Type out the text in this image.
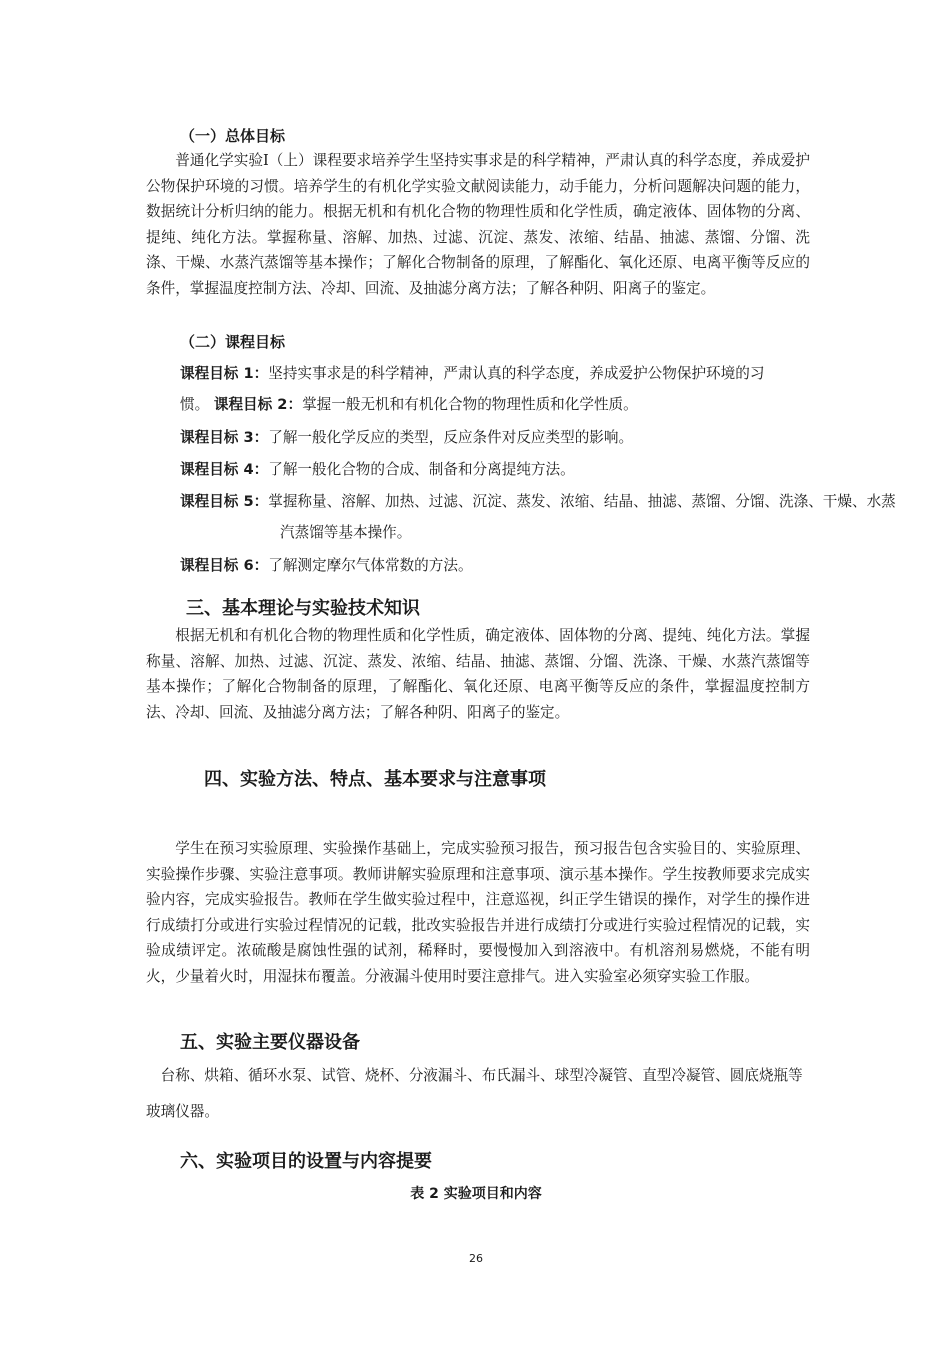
（一）总体目标

普通化学实验Ⅰ（上）课程要求培养学生坚持实事求是的科学精神，严肃认真的科学态度，养成爱护公物保护环境的习惯。培养学生的有机化学实验文献阅读能力，动手能力，分析问题解决问题的能力，数据统计分析归纳的能力。根据无机和有机化合物的物理性质和化学性质，确定液体、固体物的分离、提纯、纯化方法。掌握称量、溶解、加热、过滤、沉淀、蒸发、浓缩、结晶、抽滤、蒸馏、分馏、洗涤、干燥、水蒸汽蒸馏等基本操作；了解化合物制备的原理，了解酯化、氧化还原、电离平衡等反应的条件，掌握温度控制方法、冷却、回流、及抽滤分离方法；了解各种阴、阳离子的鉴定。

（二）课程目标

课程目标 1：坚持实事求是的科学精神，严肃认真的科学态度，养成爱护公物保护环境的习惯。 课程目标 2：掌握一般无机和有机化合物的物理性质和化学性质。

课程目标 3：了解一般化学反应的类型，反应条件对反应类型的影响。

课程目标 4：了解一般化合物的合成、制备和分离提纯方法。

课程目标 5：掌握称量、溶解、加热、过滤、沉淀、蒸发、浓缩、结晶、抽滤、蒸馏、分馏、洗涤、干燥、水蒸汽蒸馏等基本操作。

课程目标 6：了解测定摩尔气体常数的方法。

三、基本理论与实验技术知识

根据无机和有机化合物的物理性质和化学性质，确定液体、固体物的分离、提纯、纯化方法。掌握称量、溶解、加热、过滤、沉淀、蒸发、浓缩、结晶、抽滤、蒸馏、分馏、洗涤、干燥、水蒸汽蒸馏等基本操作；了解化合物制备的原理，了解酯化、氧化还原、电离平衡等反应的条件，掌握温度控制方法、冷却、回流、及抽滤分离方法；了解各种阴、阳离子的鉴定。

四、实验方法、特点、基本要求与注意事项

学生在预习实验原理、实验操作基础上，完成实验预习报告，预习报告包含实验目的、实验原理、实验操作步骤、实验注意事项。教师讲解实验原理和注意事项、演示基本操作。学生按教师要求完成实验内容，完成实验报告。教师在学生做实验过程中，注意巡视，纠正学生错误的操作，对学生的操作进行成绩打分或进行实验过程情况的记载，批改实验报告并进行成绩打分或进行实验过程情况的记载，实验成绩评定。浓硫酸是腐蚀性强的试剂，稀释时，要慢慢加入到溶液中。有机溶剂易燃烧，不能有明火，少量着火时，用湿抹布覆盖。分液漏斗使用时要注意排气。进入实验室必须穿实验工作服。

五、实验主要仪器设备

台称、烘箱、循环水泵、试管、烧杯、分液漏斗、布氏漏斗、球型冷凝管、直型冷凝管、圆底烧瓶等玻璃仪器。

六、实验项目的设置与内容提要

表 2 实验项目和内容

26
